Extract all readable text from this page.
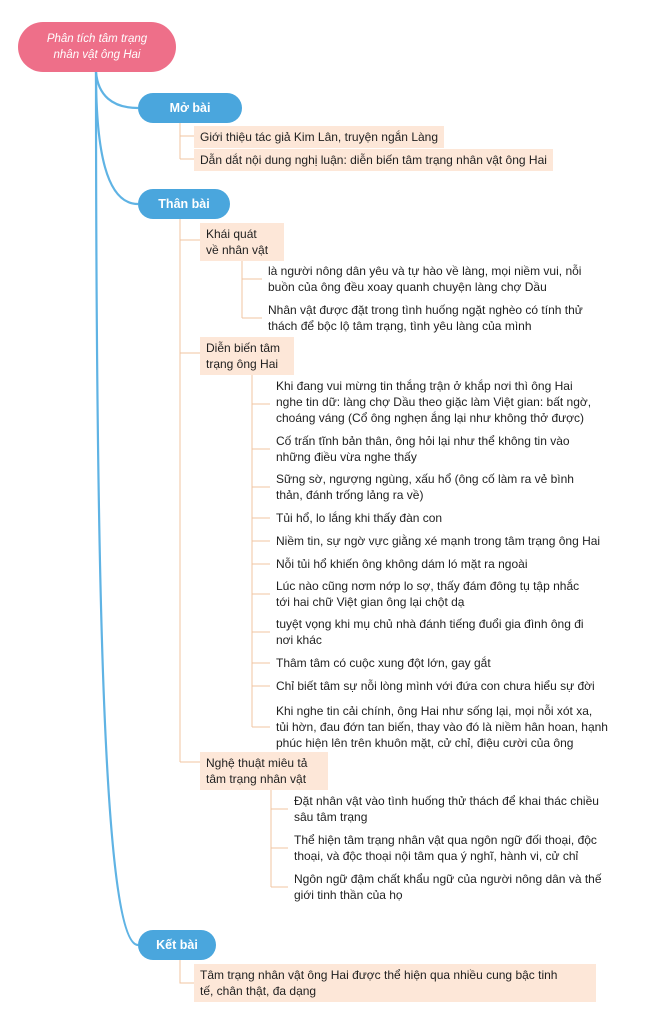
Phân tích tâm trạng
nhân vật ông Hai
Mở bài
Giới thiệu tác giả Kim Lân, truyện ngắn Làng
Dẫn dắt nội dung nghị luận: diễn biến tâm trạng nhân vật ông Hai
Thân bài
Khái quát
về nhân vật
là người nông dân yêu và tự hào về làng, mọi niềm vui, nỗi
buồn của ông đều xoay quanh chuyện làng chợ Dầu
Nhân vật được đặt trong tình huống ngặt nghèo có tính thử
thách để bộc lộ tâm trạng, tình yêu làng của mình
Diễn biến tâm
trạng ông Hai
Khi đang vui mừng tin thắng trận ở khắp nơi thì ông Hai
nghe tin dữ: làng chợ Dầu theo giặc làm Việt gian: bất ngờ,
choáng váng (Cổ ông nghẹn ắng lại như không thở được)
Cố trấn tĩnh bản thân, ông hỏi lại như thể không tin vào
những điều vừa nghe thấy
Sững sờ, ngượng ngùng, xấu hổ (ông cố làm ra vẻ bình
thản, đánh trống lảng ra về)
Tủi hổ, lo lắng khi thấy đàn con
Niềm tin, sự ngờ vực giằng xé mạnh trong tâm trạng ông Hai
Nỗi tủi hổ khiến ông không dám ló mặt ra ngoài
Lúc nào cũng nơm nớp lo sợ, thấy đám đông tụ tập nhắc
tới hai chữ Việt gian ông lại chột dạ
tuyệt vọng khi mụ chủ nhà đánh tiếng đuổi gia đình ông đi
nơi khác
Thâm tâm có cuộc xung đột lớn, gay gắt
Chỉ biết tâm sự nỗi lòng mình với đứa con chưa hiểu sự đời
Khi nghe tin cải chính, ông Hai như sống lại, mọi nỗi xót xa,
tủi hờn, đau đớn tan biến, thay vào đó là niềm hân hoan, hạnh
phúc hiện lên trên khuôn mặt, cử chỉ, điệu cười của ông
Nghệ thuật miêu tả
tâm trạng nhân vật
Đặt nhân vật vào tình huống thử thách để khai thác chiều
sâu tâm trạng
Thể hiện tâm trạng nhân vật qua ngôn ngữ đối thoại, độc
thoại, và độc thoại nội tâm qua ý nghĩ, hành vi, cử chỉ
Ngôn ngữ đậm chất khẩu ngữ của người nông dân và thế
giới tinh thần của họ
Kết bài
Tâm trạng nhân vật ông Hai được thể hiện qua nhiều cung bậc tinh
tế, chân thật, đa dạng
